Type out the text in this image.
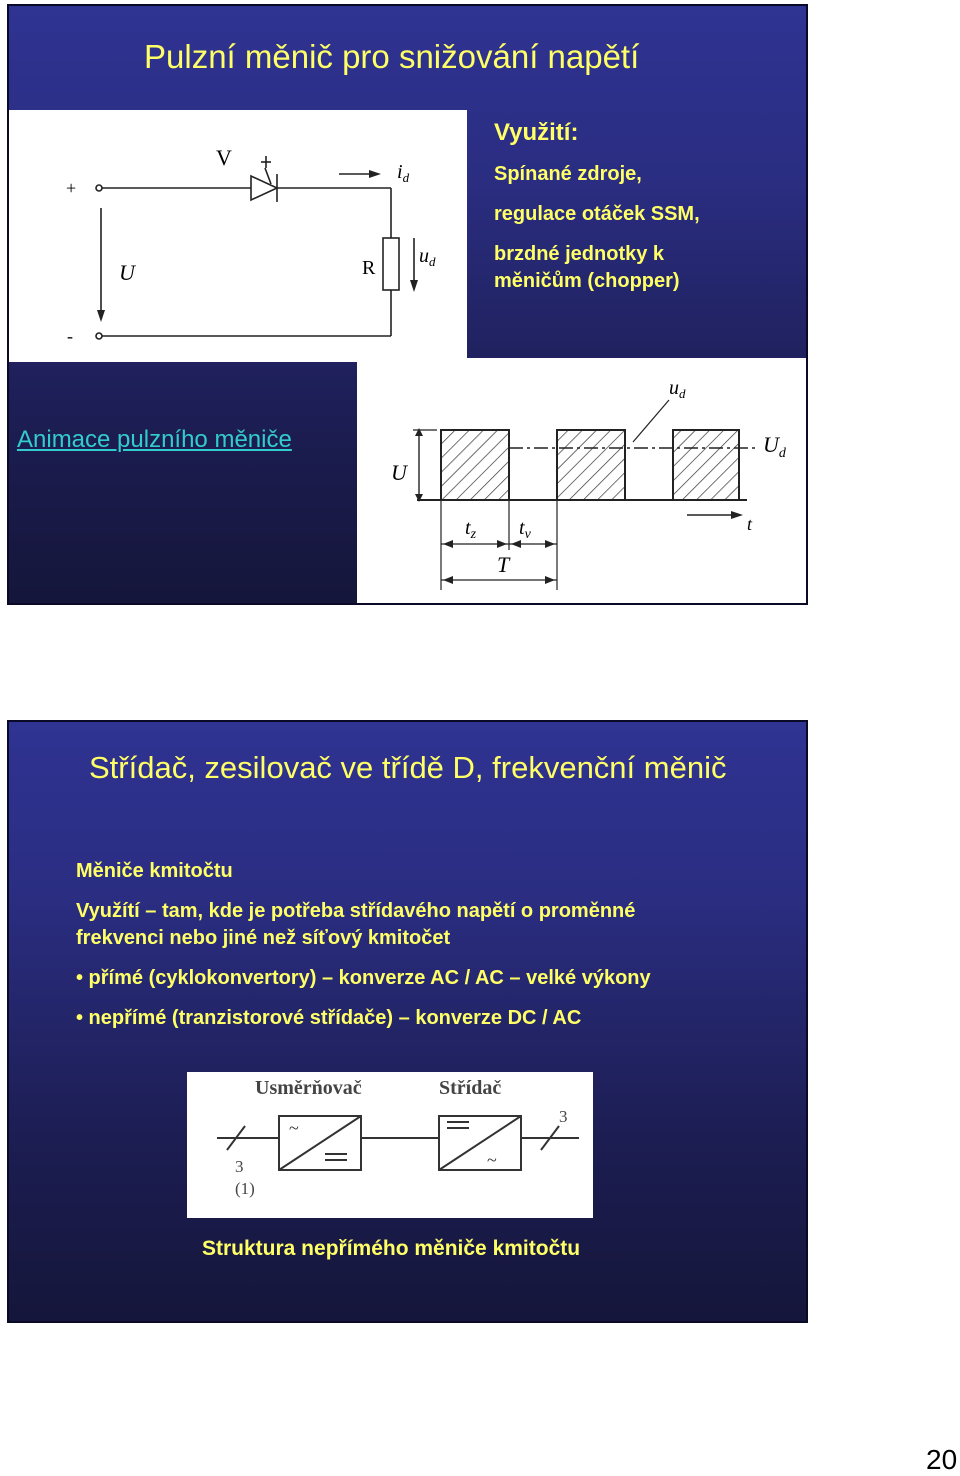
Pulzní měnič pro snižování napětí
+
-
U
V
R
$i_d$
$u_d$
Využití:
Spínané zdroje,
regulace otáček SSM,
brzdné jednotky k
měničům (chopper)
Animace pulzního měniče
U
$U_d$
$u_d$
t
$t_z$ $t_v$
T
Střídač, zesilovač ve třídě D, frekvenční měnič
Měniče kmitočtu
Využítí – tam, kde je potřeba střídavého napětí o proměnné
frekvenci nebo jiné než síťový kmitočet
• přímé (cyklokonvertory) – konverze AC / AC – velké výkony
• nepřímé (tranzistorové střídače) – konverze DC / AC
~
~
Usměrňovač	Střídač
3
(1)
3
Struktura nepřímého měniče kmitočtu
20
